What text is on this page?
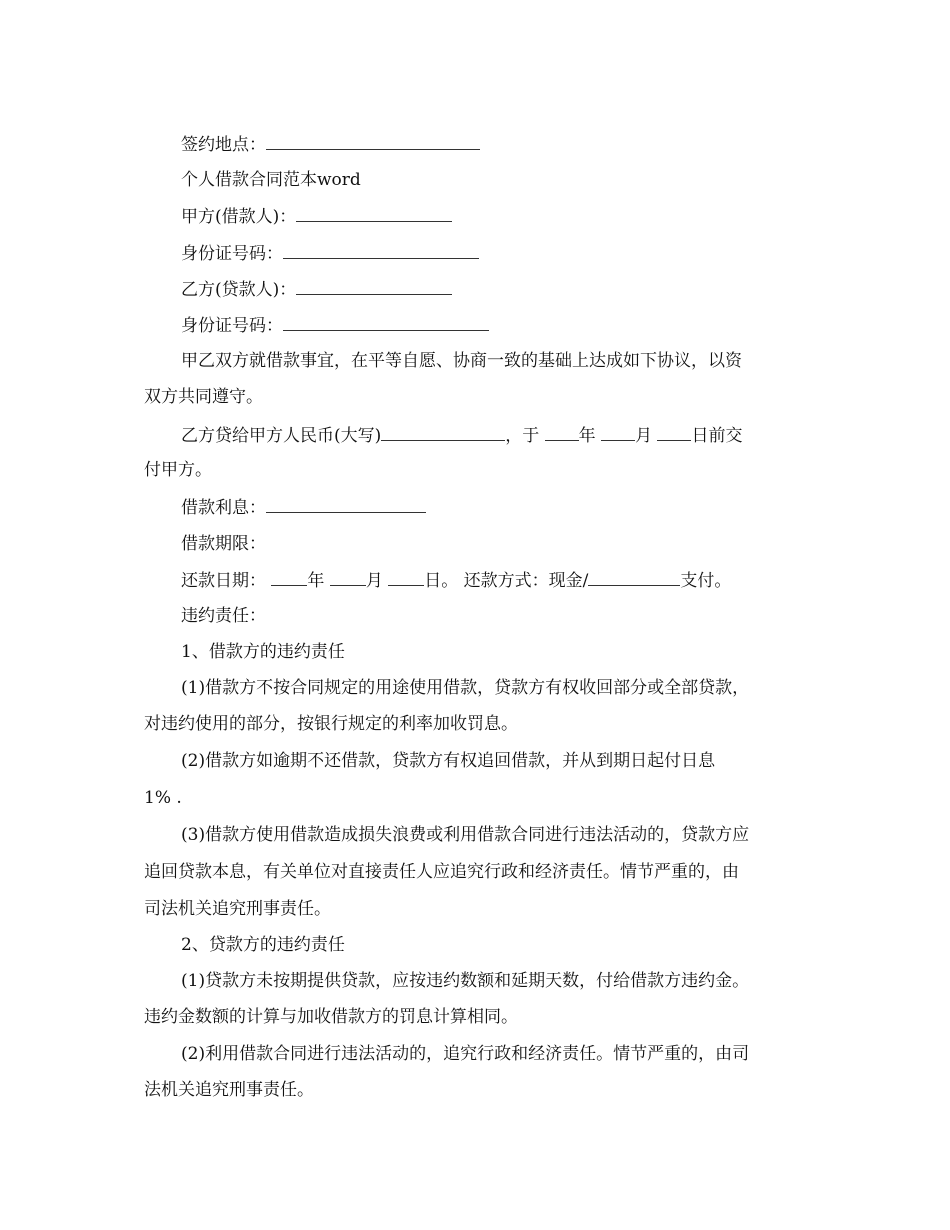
签约地点：
个人借款合同范本word
甲方(借款人)：
身份证号码：
乙方(贷款人)：
身份证号码：
甲乙双方就借款事宜，在平等自愿、协商一致的基础上达成如下协议，以资
双方共同遵守。
乙方贷给甲方人民币(大写)	，于 年 月 日前交
付甲方。
借款利息：
借款期限：
还款日期： 年 月 日。 还款方式：现金/	支付。
违约责任：
1、借款方的违约责任
(1)借款方不按合同规定的用途使用借款，贷款方有权收回部分或全部贷款，
对违约使用的部分，按银行规定的利率加收罚息。
(2)借款方如逾期不还借款，贷款方有权追回借款，并从到期日起付日息
1% .
(3)借款方使用借款造成损失浪费或利用借款合同进行违法活动的，贷款方应
追回贷款本息，有关单位对直接责任人应追究行政和经济责任。情节严重的，由
司法机关追究刑事责任。
2、贷款方的违约责任
(1)贷款方未按期提供贷款，应按违约数额和延期天数，付给借款方违约金。
违约金数额的计算与加收借款方的罚息计算相同。
(2)利用借款合同进行违法活动的，追究行政和经济责任。情节严重的，由司
法机关追究刑事责任。
